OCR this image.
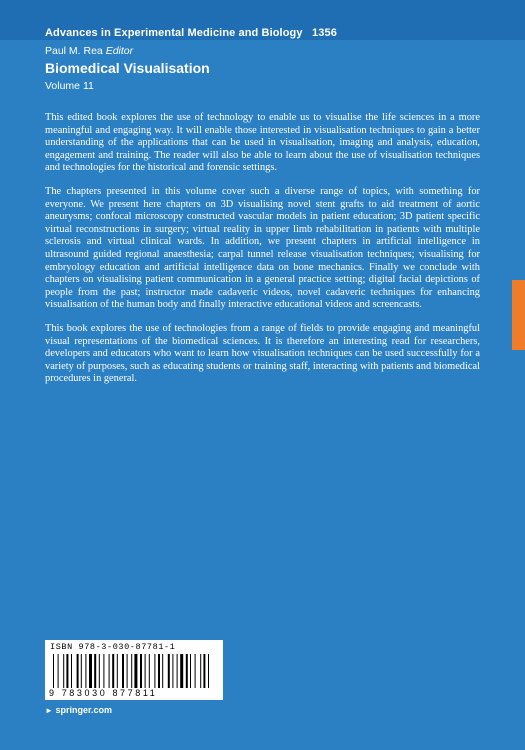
Advances in Experimental Medicine and Biology 1356
Paul M. Rea Editor
Biomedical Visualisation
Volume 11

This edited book explores the use of technology to enable us to visualise the life sciences in a more meaningful and engaging way. It will enable those interested in visualisation techniques to gain a better understanding of the applications that can be used in visualisation, imaging and analysis, education, engagement and training. The reader will also be able to learn about the use of visualisation techniques and technologies for the historical and forensic settings.

The chapters presented in this volume cover such a diverse range of topics, with something for everyone. We present here chapters on 3D visualising novel stent grafts to aid treatment of aortic aneurysms; confocal microscopy constructed vascular models in patient education; 3D patient specific virtual reconstructions in surgery; virtual reality in upper limb rehabilitation in patients with multiple sclerosis and virtual clinical wards. In addition, we present chapters in artificial intelligence in ultrasound guided regional anaesthesia; carpal tunnel release visualisation techniques; visualising for embryology education and artificial intelligence data on bone mechanics. Finally we conclude with chapters on visualising patient communication in a general practice setting; digital facial depictions of people from the past; instructor made cadaveric videos, novel cadaveric techniques for enhancing visualisation of the human body and finally interactive educational videos and screencasts.

This book explores the use of technologies from a range of fields to provide engaging and meaningful visual representations of the biomedical sciences. It is therefore an interesting read for researchers, developers and educators who want to learn how visualisation techniques can be used successfully for a variety of purposes, such as educating students or training staff, interacting with patients and biomedical procedures in general.

ISBN 978-3-030-87781-1
9 783030 877811
► springer.com
